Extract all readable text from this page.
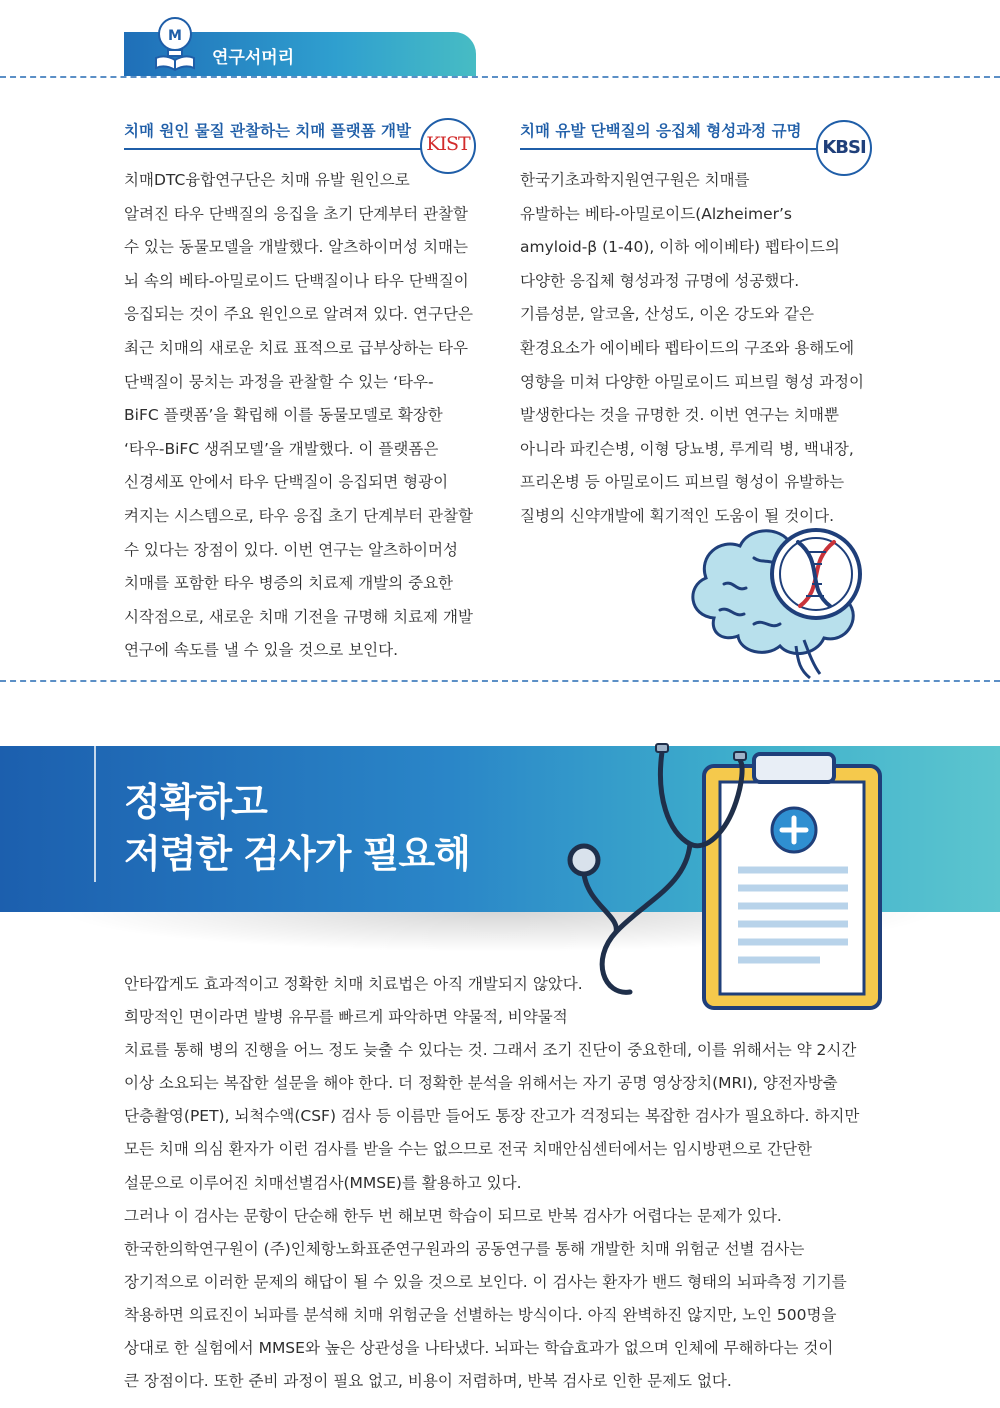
M
연구서머리
치매 원인 물질 관찰하는 치매 플랫폼 개발
KIST

치매DTC융합연구단은 치매 유발 원인으로

알려진 타우 단백질의 응집을 초기 단계부터 관찰할

수 있는 동물모델을 개발했다. 알츠하이머성 치매는

뇌 속의 베타-아밀로이드 단백질이나 타우 단백질이

응집되는 것이 주요 원인으로 알려져 있다. 연구단은

최근 치매의 새로운 치료 표적으로 급부상하는 타우

단백질이 뭉치는 과정을 관찰할 수 있는 ‘타우-

BiFC 플랫폼’을 확립해 이를 동물모델로 확장한

‘타우-BiFC 생쥐모델’을 개발했다. 이 플랫폼은

신경세포 안에서 타우 단백질이 응집되면 형광이

켜지는 시스템으로, 타우 응집 초기 단계부터 관찰할

수 있다는 장점이 있다. 이번 연구는 알츠하이머성

치매를 포함한 타우 병증의 치료제 개발의 중요한

시작점으로, 새로운 치매 기전을 규명해 치료제 개발

연구에 속도를 낼 수 있을 것으로 보인다.

치매 유발 단백질의 응집체 형성과정 규명
KBSI

한국기초과학지원연구원은 치매를

유발하는 베타-아밀로이드(Alzheimer’s

amyloid-β (1-40), 이하 에이베타) 펩타이드의

다양한 응집체 형성과정 규명에 성공했다.

기름성분, 알코올, 산성도, 이온 강도와 같은

환경요소가 에이베타 펩타이드의 구조와 용해도에

영향을 미쳐 다양한 아밀로이드 피브릴 형성 과정이

발생한다는 것을 규명한 것. 이번 연구는 치매뿐

아니라 파킨슨병, 이형 당뇨병, 루게릭 병, 백내장,

프리온병 등 아밀로이드 피브릴 형성이 유발하는

질병의 신약개발에 획기적인 도움이 될 것이다.

정확하고
저렴한 검사가 필요해

안타깝게도 효과적이고 정확한 치매 치료법은 아직 개발되지 않았다.

희망적인 면이라면 발병 유무를 빠르게 파악하면 약물적, 비약물적

치료를 통해 병의 진행을 어느 정도 늦출 수 있다는 것. 그래서 조기 진단이 중요한데, 이를 위해서는 약 2시간

이상 소요되는 복잡한 설문을 해야 한다. 더 정확한 분석을 위해서는 자기 공명 영상장치(MRI), 양전자방출

단층촬영(PET), 뇌척수액(CSF) 검사 등 이름만 들어도 통장 잔고가 걱정되는 복잡한 검사가 필요하다. 하지만

모든 치매 의심 환자가 이런 검사를 받을 수는 없으므로 전국 치매안심센터에서는 임시방편으로 간단한

설문으로 이루어진 치매선별검사(MMSE)를 활용하고 있다.

그러나 이 검사는 문항이 단순해 한두 번 해보면 학습이 되므로 반복 검사가 어렵다는 문제가 있다.

한국한의학연구원이 (주)인체항노화표준연구원과의 공동연구를 통해 개발한 치매 위험군 선별 검사는

장기적으로 이러한 문제의 해답이 될 수 있을 것으로 보인다. 이 검사는 환자가 밴드 형태의 뇌파측정 기기를

착용하면 의료진이 뇌파를 분석해 치매 위험군을 선별하는 방식이다. 아직 완벽하진 않지만, 노인 500명을

상대로 한 실험에서 MMSE와 높은 상관성을 나타냈다. 뇌파는 학습효과가 없으며 인체에 무해하다는 것이

큰 장점이다. 또한 준비 과정이 필요 없고, 비용이 저렴하며, 반복 검사로 인한 문제도 없다.
